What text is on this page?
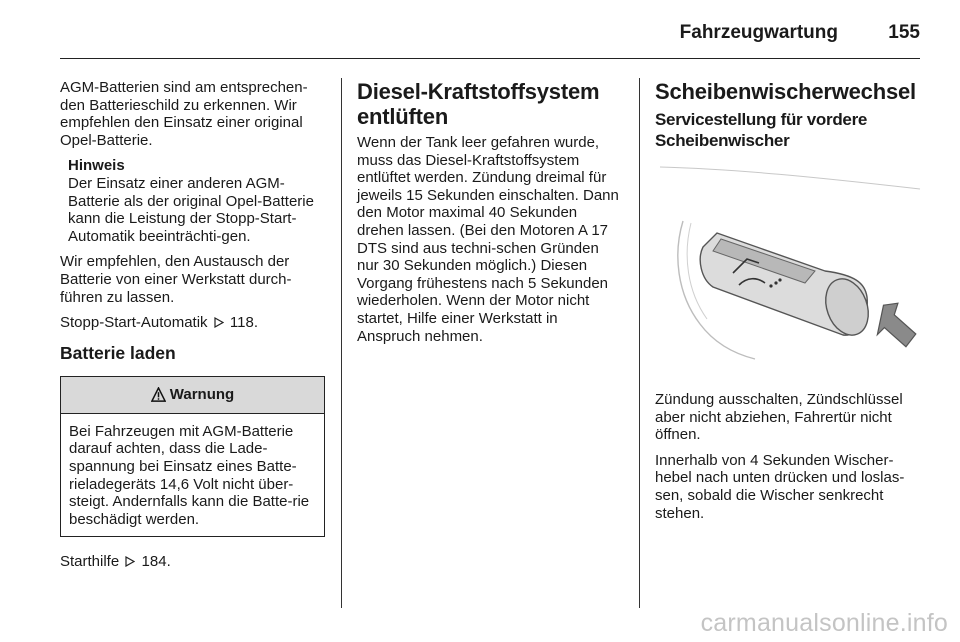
Fahrzeugwartung	155

AGM-Batterien sind am entsprechen-den Batterieschild zu erkennen. Wir empfehlen den Einsatz einer original Opel-Batterie.

Hinweis
Der Einsatz einer anderen AGM-Batterie als der original Opel-Batterie kann die Leistung der Stopp-Start-Automatik beeinträchti-gen.

Wir empfehlen, den Austausch der Batterie von einer Werkstatt durch-führen zu lassen.

Stopp-Start-Automatik 118.

Batterie laden
Warnung
Bei Fahrzeugen mit AGM-Batterie darauf achten, dass die Lade-spannung bei Einsatz eines Batte-rieladegeräts 14,6 Volt nicht über-steigt. Andernfalls kann die Batte-rie beschädigt werden.

Starthilfe 184.

Diesel-Kraftstoffsystem entlüften

Wenn der Tank leer gefahren wurde, muss das Diesel-Kraftstoffsystem entlüftet werden. Zündung dreimal für jeweils 15 Sekunden einschalten. Dann den Motor maximal 40 Sekunden drehen lassen. (Bei den Motoren A 17 DTS sind aus techni-schen Gründen nur 30 Sekunden möglich.) Diesen Vorgang frühestens nach 5 Sekunden wiederholen. Wenn der Motor nicht startet, Hilfe einer Werkstatt in Anspruch nehmen.

Scheibenwischerwechsel
Servicestellung für vordere Scheibenwischer

Zündung ausschalten, Zündschlüssel aber nicht abziehen, Fahrertür nicht öffnen.

Innerhalb von 4 Sekunden Wischer-hebel nach unten drücken und loslas-sen, sobald die Wischer senkrecht stehen.

carmanualsonline.info
